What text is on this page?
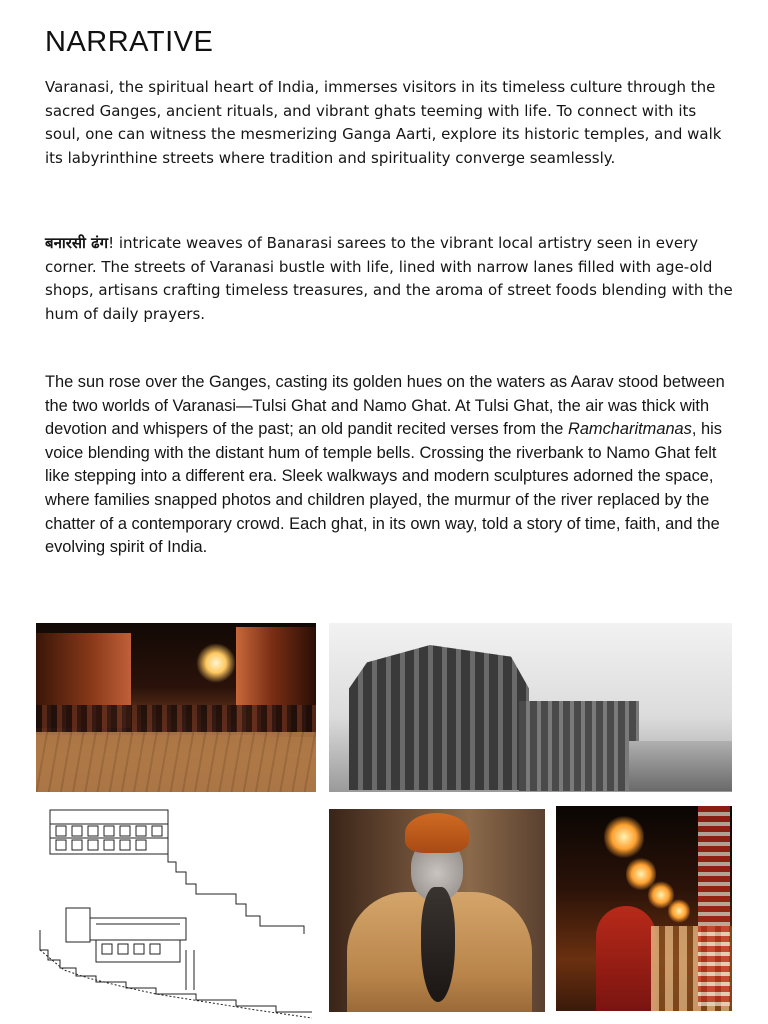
NARRATIVE

Varanasi, the spiritual heart of India, immerses visitors in its timeless culture through the sacred Ganges, ancient rituals, and vibrant ghats teeming with life. To connect with its soul, one can witness the mesmerizing Ganga Aarti, explore its historic temples, and walk its labyrinthine streets where tradition and spirituality converge seamlessly.

बनारसी ढंग! intricate weaves of Banarasi sarees to the vibrant local artistry seen in every corner. The streets of Varanasi bustle with life, lined with narrow lanes filled with age-old shops, artisans crafting timeless treasures, and the aroma of street foods blending with the hum of daily prayers.

The sun rose over the Ganges, casting its golden hues on the waters as Aarav stood between the two worlds of Varanasi—Tulsi Ghat and Namo Ghat. At Tulsi Ghat, the air was thick with devotion and whispers of the past; an old pandit recited verses from the Ramcharitmanas, his voice blending with the distant hum of temple bells. Crossing the riverbank to Namo Ghat felt like stepping into a different era. Sleek walkways and modern sculptures adorned the space, where families snapped photos and children played, the murmur of the river replaced by the chatter of a contemporary crowd. Each ghat, in its own way, told a story of time, faith, and the evolving spirit of India.
